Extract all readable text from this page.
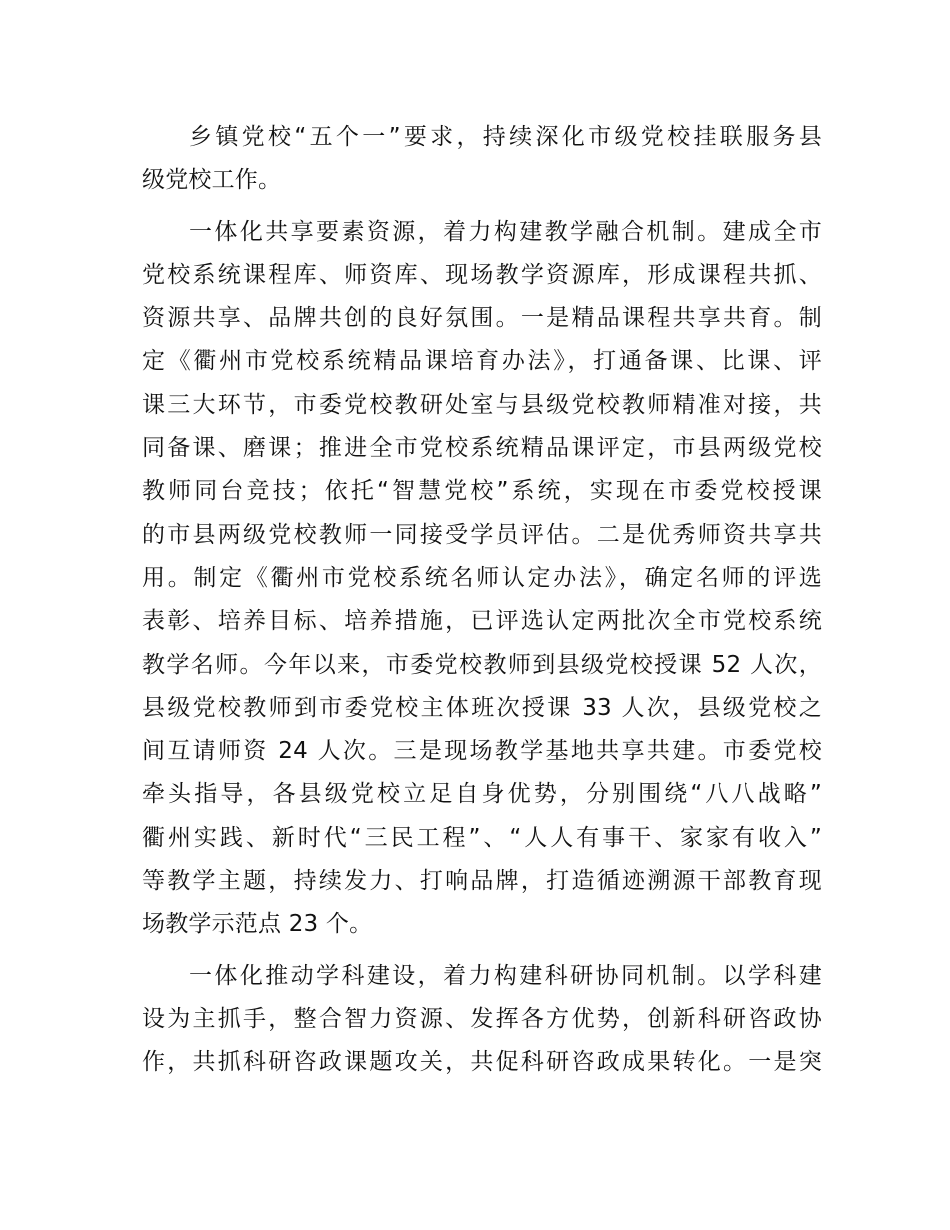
乡镇党校“五个一”要求，持续深化市级党校挂联服务县
级党校工作。
一体化共享要素资源，着力构建教学融合机制。建成全市
党校系统课程库、师资库、现场教学资源库，形成课程共抓、
资源共享、品牌共创的良好氛围。一是精品课程共享共育。制
定《衢州市党校系统精品课培育办法》，打通备课、比课、评
课三大环节，市委党校教研处室与县级党校教师精准对接，共
同备课、磨课；推进全市党校系统精品课评定，市县两级党校
教师同台竞技；依托“智慧党校”系统，实现在市委党校授课
的市县两级党校教师一同接受学员评估。二是优秀师资共享共
用。制定《衢州市党校系统名师认定办法》，确定名师的评选
表彰、培养目标、培养措施，已评选认定两批次全市党校系统
教学名师。今年以来，市委党校教师到县级党校授课 52 人次，
县级党校教师到市委党校主体班次授课 33 人次，县级党校之
间互请师资 24 人次。三是现场教学基地共享共建。市委党校
牵头指导，各县级党校立足自身优势，分别围绕“八八战略”
衢州实践、新时代“三民工程”、“人人有事干、家家有收入”
等教学主题，持续发力、打响品牌，打造循迹溯源干部教育现
场教学示范点 23 个。
一体化推动学科建设，着力构建科研协同机制。以学科建
设为主抓手，整合智力资源、发挥各方优势，创新科研咨政协
作，共抓科研咨政课题攻关，共促科研咨政成果转化。一是突
